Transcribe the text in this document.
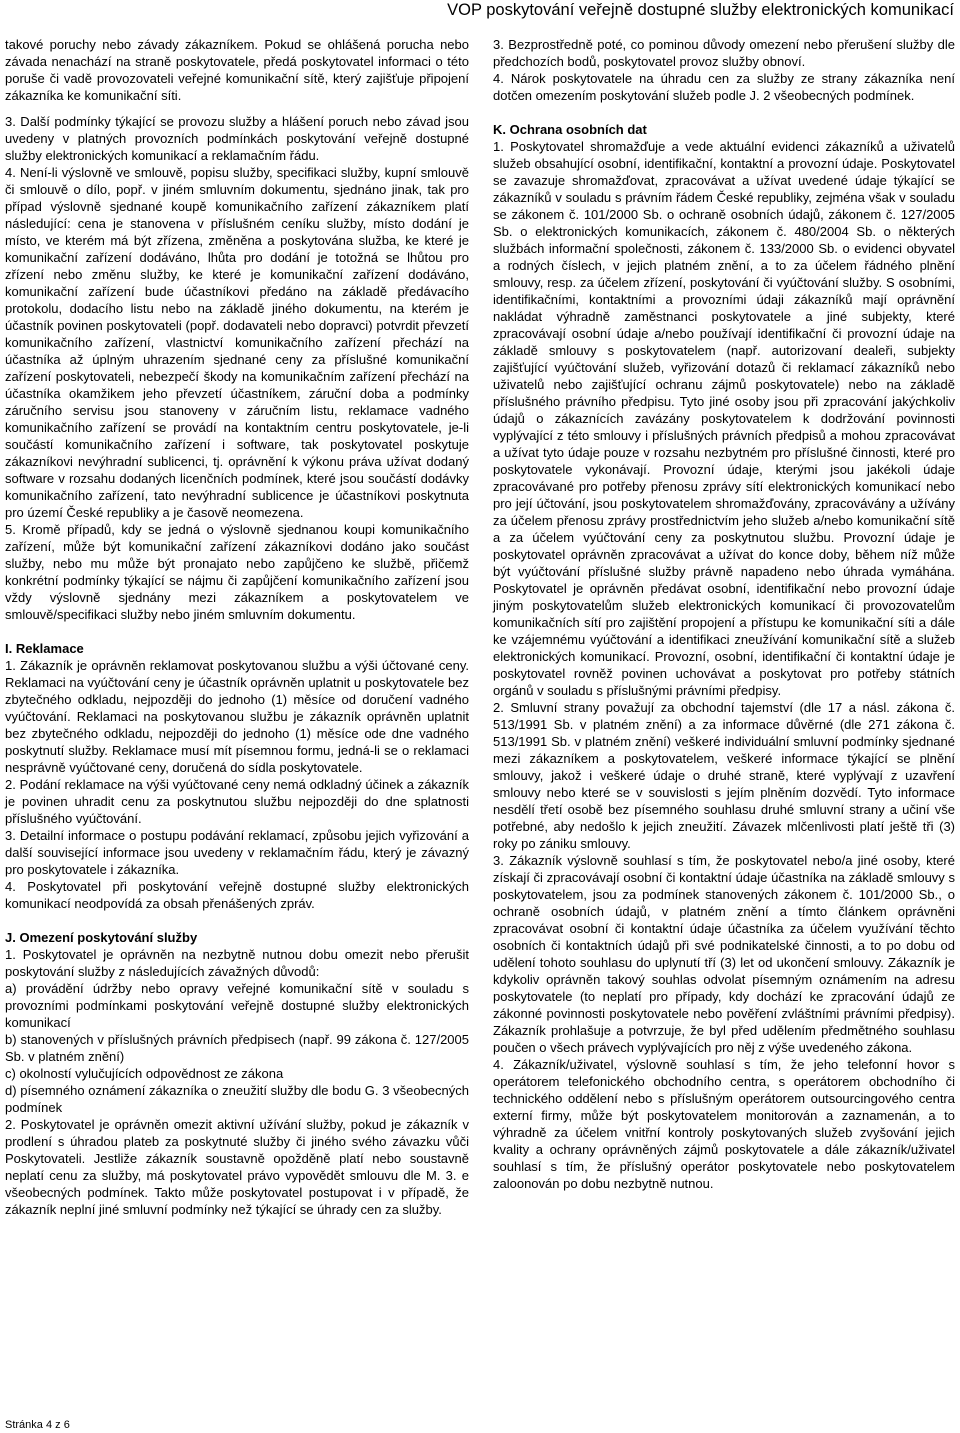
VOP poskytování veřejně dostupné služby elektronických komunikací

takové poruchy nebo závady zákazníkem. Pokud se ohlášená porucha nebo závada nenachází na straně poskytovatele, předá poskytovatel informaci o této poruše či vadě provozovateli veřejné komunikační sítě, který zajišťuje připojení zákazníka ke komunikační síti.

3. Další podmínky týkající se provozu služby a hlášení poruch nebo závad jsou uvedeny v platných provozních podmínkách poskytování veřejně dostupné služby elektronických komunikací a reklamačním řádu.

4. Není-li výslovně ve smlouvě, popisu služby, specifikaci služby, kupní smlouvě či smlouvě o dílo, popř. v jiném smluvním dokumentu, sjednáno jinak, tak pro případ výslovně sjednané koupě komunikačního zařízení zákazníkem platí následující: cena je stanovena v příslušném ceníku služby, místo dodání je místo, ve kterém má být zřízena, změněna a poskytována služba, ke které je komunikační zařízení dodáváno, lhůta pro dodání je totožná se lhůtou pro zřízení nebo změnu služby, ke které je komunikační zařízení dodáváno, komunikační zařízení bude účastníkovi předáno na základě předávacího protokolu, dodacího listu nebo na základě jiného dokumentu, na kterém je účastník povinen poskytovateli (popř. dodavateli nebo dopravci) potvrdit převzetí komunikačního zařízení, vlastnictví komunikačního zařízení přechází na účastníka až úplným uhrazením sjednané ceny za příslušné komunikační zařízení poskytovateli, nebezpečí škody na komunikačním zařízení přechází na účastníka okamžikem jeho převzetí účastníkem, záruční doba a podmínky záručního servisu jsou stanoveny v záručním listu, reklamace vadného komunikačního zařízení se provádí na kontaktním centru poskytovatele, je-li součástí komunikačního zařízení i software, tak poskytovatel poskytuje zákazníkovi nevýhradní sublicenci, tj. oprávnění k výkonu práva užívat dodaný software v rozsahu dodaných licenčních podmínek, které jsou součástí dodávky komunikačního zařízení, tato nevýhradní sublicence je účastníkovi poskytnuta pro území České republiky a je časově neomezena.

5. Kromě případů, kdy se jedná o výslovně sjednanou koupi komunikačního zařízení, může být komunikační zařízení zákazníkovi dodáno jako součást služby, nebo mu může být pronajato nebo zapůjčeno ke službě, přičemž konkrétní podmínky týkající se nájmu či zapůjčení komunikačního zařízení jsou vždy výslovně sjednány mezi zákazníkem a poskytovatelem ve smlouvě/specifikaci služby nebo jiném smluvním dokumentu.

I. Reklamace

1. Zákazník je oprávněn reklamovat poskytovanou službu a výši účtované ceny. Reklamaci na vyúčtování ceny je účastník oprávněn uplatnit u poskytovatele bez zbytečného odkladu, nejpozději do jednoho (1) měsíce od doručení vadného vyúčtování. Reklamaci na poskytovanou službu je zákazník oprávněn uplatnit bez zbytečného odkladu, nejpozději do jednoho (1) měsíce ode dne vadného poskytnutí služby. Reklamace musí mít písemnou formu, jedná-li se o reklamaci nesprávně vyúčtované ceny, doručená do sídla poskytovatele.

2. Podání reklamace na výši vyúčtované ceny nemá odkladný účinek a zákazník je povinen uhradit cenu za poskytnutou službu nejpozději do dne splatnosti příslušného vyúčtování.

3. Detailní informace o postupu podávání reklamací, způsobu jejich vyřizování a další související informace jsou uvedeny v reklamačním řádu, který je závazný pro poskytovatele i zákazníka.

4. Poskytovatel při poskytování veřejně dostupné služby elektronických komunikací neodpovídá za obsah přenášených zpráv.

J. Omezení poskytování služby

1. Poskytovatel je oprávněn na nezbytně nutnou dobu omezit nebo přerušit poskytování služby z následujících závažných důvodů:

a) provádění údržby nebo opravy veřejné komunikační sítě v souladu s provozními podmínkami poskytování veřejně dostupné služby elektronických komunikací

b) stanovených v příslušných právních předpisech (např. 99 zákona č. 127/2005 Sb. v platném znění)

c) okolností vylučujících odpovědnost ze zákona

d) písemného oznámení zákazníka o zneužití služby dle bodu G. 3 všeobecných podmínek

2. Poskytovatel je oprávněn omezit aktivní užívání služby, pokud je zákazník v prodlení s úhradou plateb za poskytnuté služby či jiného svého závazku vůči Poskytovateli. Jestliže zákazník soustavně opožděně platí nebo soustavně neplatí cenu za služby, má poskytovatel právo vypovědět smlouvu dle M. 3. e všeobecných podmínek. Takto může poskytovatel postupovat i v případě, že zákazník neplní jiné smluvní podmínky než týkající se úhrady cen za služby.

3. Bezprostředně poté, co pominou důvody omezení nebo přerušení služby dle předchozích bodů, poskytovatel provoz služby obnoví.

4. Nárok poskytovatele na úhradu cen za služby ze strany zákazníka není dotčen omezením poskytování služeb podle J. 2 všeobecných podmínek.

K. Ochrana osobních dat

1. Poskytovatel shromažďuje a vede aktuální evidenci zákazníků a uživatelů služeb obsahující osobní, identifikační, kontaktní a provozní údaje. Poskytovatel se zavazuje shromažďovat, zpracovávat a užívat uvedené údaje týkající se zákazníků v souladu s právním řádem České republiky, zejména však v souladu se zákonem č. 101/2000 Sb. o ochraně osobních údajů, zákonem č. 127/2005 Sb. o elektronických komunikacích, zákonem č. 480/2004 Sb. o některých službách informační společnosti, zákonem č. 133/2000 Sb. o evidenci obyvatel a rodných číslech, v jejich platném znění, a to za účelem řádného plnění smlouvy, resp. za účelem zřízení, poskytování či vyúčtování služby. S osobními, identifikačními, kontaktními a provozními údaji zákazníků mají oprávnění nakládat výhradně zaměstnanci poskytovatele a jiné subjekty, které zpracovávají osobní údaje a/nebo používají identifikační či provozní údaje na základě smlouvy s poskytovatelem (např. autorizovaní dealeři, subjekty zajišťující vyúčtování služeb, vyřizování dotazů či reklamací zákazníků nebo uživatelů nebo zajišťující ochranu zájmů poskytovatele) nebo na základě příslušného právního předpisu. Tyto jiné osoby jsou při zpracování jakýchkoliv údajů o zákaznících zavázány poskytovatelem k dodržování povinnosti vyplývající z této smlouvy i příslušných právních předpisů a mohou zpracovávat a užívat tyto údaje pouze v rozsahu nezbytném pro příslušné činnosti, které pro poskytovatele vykonávají. Provozní údaje, kterými jsou jakékoli údaje zpracovávané pro potřeby přenosu zprávy sítí elektronických komunikací nebo pro její účtování, jsou poskytovatelem shromažďovány, zpracovávány a užívány za účelem přenosu zprávy prostřednictvím jeho služeb a/nebo komunikační sítě a za účelem vyúčtování ceny za poskytnutou službu. Provozní údaje je poskytovatel oprávněn zpracovávat a užívat do konce doby, během níž může být vyúčtování příslušné služby právně napadeno nebo úhrada vymáhána. Poskytovatel je oprávněn předávat osobní, identifikační nebo provozní údaje jiným poskytovatelům služeb elektronických komunikací či provozovatelům komunikačních sítí pro zajištění propojení a přístupu ke komunikační síti a dále ke vzájemnému vyúčtování a identifikaci zneužívání komunikační sítě a služeb elektronických komunikací. Provozní, osobní, identifikační či kontaktní údaje je poskytovatel rovněž povinen uchovávat a poskytovat pro potřeby státních orgánů v souladu s příslušnými právními předpisy.

2. Smluvní strany považují za obchodní tajemství (dle 17 a násl. zákona č. 513/1991 Sb. v platném znění) a za informace důvěrné (dle 271 zákona č. 513/1991 Sb. v platném znění) veškeré individuální smluvní podmínky sjednané mezi zákazníkem a poskytovatelem, veškeré informace týkající se plnění smlouvy, jakož i veškeré údaje o druhé straně, které vyplývají z uzavření smlouvy nebo které se v souvislosti s jejím plněním dozvědí. Tyto informace nesdělí třetí osobě bez písemného souhlasu druhé smluvní strany a učiní vše potřebné, aby nedošlo k jejich zneužití. Závazek mlčenlivosti platí ještě tři (3) roky po zániku smlouvy.

3. Zákazník výslovně souhlasí s tím, že poskytovatel nebo/a jiné osoby, které získají či zpracovávají osobní či kontaktní údaje účastníka na základě smlouvy s poskytovatelem, jsou za podmínek stanovených zákonem č. 101/2000 Sb., o ochraně osobních údajů, v platném znění a tímto článkem oprávněni zpracovávat osobní či kontaktní údaje účastníka za účelem využívání těchto osobních či kontaktních údajů při své podnikatelské činnosti, a to po dobu od udělení tohoto souhlasu do uplynutí tří (3) let od ukončení smlouvy. Zákazník je kdykoliv oprávněn takový souhlas odvolat písemným oznámením na adresu poskytovatele (to neplatí pro případy, kdy dochází ke zpracování údajů ze zákonné povinnosti poskytovatele nebo pověření zvláštními právními předpisy). Zákazník prohlašuje a potvrzuje, že byl před udělením předmětného souhlasu poučen o všech právech vyplývajících pro něj z výše uvedeného zákona.

4. Zákazník/uživatel, výslovně souhlasí s tím, že jeho telefonní hovor s operátorem telefonického obchodního centra, s operátorem obchodního či technického oddělení nebo s příslušným operátorem outsourcingového centra externí firmy, může být poskytovatelem monitorován a zaznamenán, a to výhradně za účelem vnitřní kontroly poskytovaných služeb zvyšování jejich kvality a ochrany oprávněných zájmů poskytovatele a dále zákazník/uživatel souhlasí s tím, že příslušný operátor poskytovatele nebo poskytovatelem zaloonován po dobu nezbytně nutnou.

Stránka 4 z 6
